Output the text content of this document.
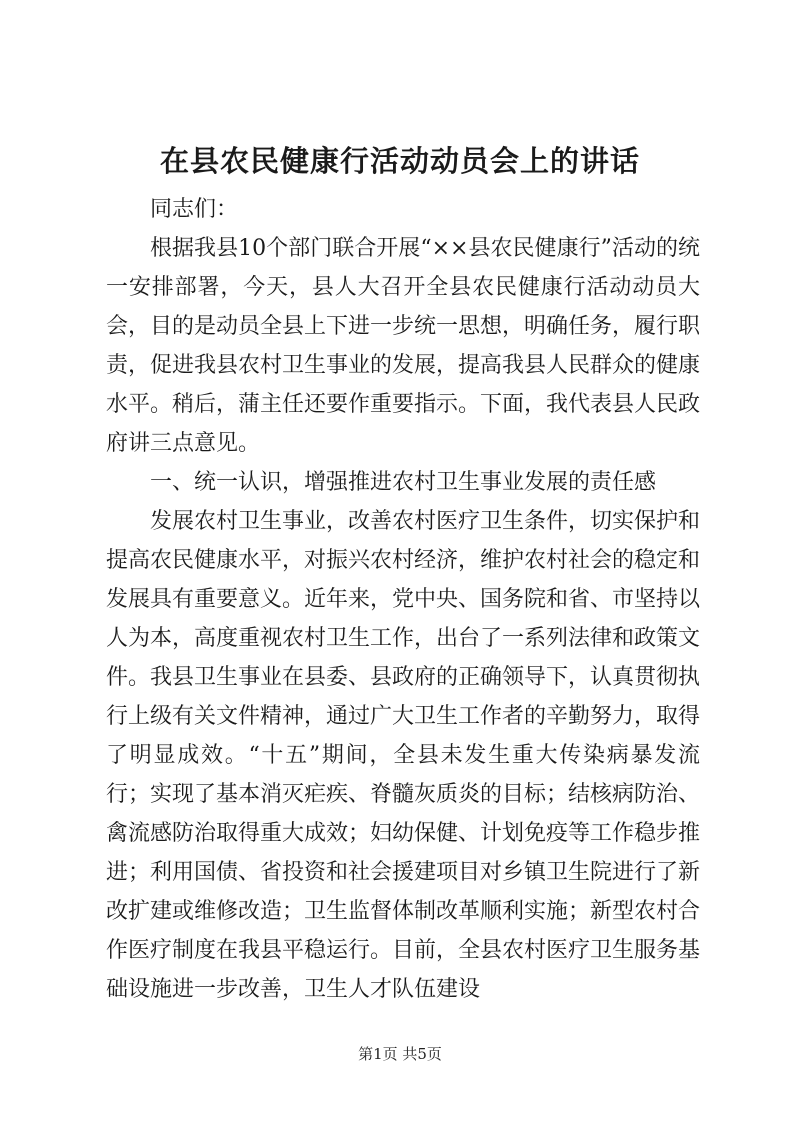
在县农民健康行活动动员会上的讲话

同志们：

根据我县10个部门联合开展“××县农民健康行”活动的统一安排部署，今天，县人大召开全县农民健康行活动动员大会，目的是动员全县上下进一步统一思想，明确任务，履行职责，促进我县农村卫生事业的发展，提高我县人民群众的健康水平。稍后，蒲主任还要作重要指示。下面，我代表县人民政府讲三点意见。

一、统一认识，增强推进农村卫生事业发展的责任感

发展农村卫生事业，改善农村医疗卫生条件，切实保护和提高农民健康水平，对振兴农村经济，维护农村社会的稳定和发展具有重要意义。近年来，党中央、国务院和省、市坚持以人为本，高度重视农村卫生工作，出台了一系列法律和政策文件。我县卫生事业在县委、县政府的正确领导下，认真贯彻执行上级有关文件精神，通过广大卫生工作者的辛勤努力，取得了明显成效。“十五”期间，全县未发生重大传染病暴发流行；实现了基本消灭疟疾、脊髓灰质炎的目标；结核病防治、禽流感防治取得重大成效；妇幼保健、计划免疫等工作稳步推进；利用国债、省投资和社会援建项目对乡镇卫生院进行了新改扩建或维修改造；卫生监督体制改革顺利实施；新型农村合作医疗制度在我县平稳运行。目前，全县农村医疗卫生服务基础设施进一步改善，卫生人才队伍建设

第1页 共5页
